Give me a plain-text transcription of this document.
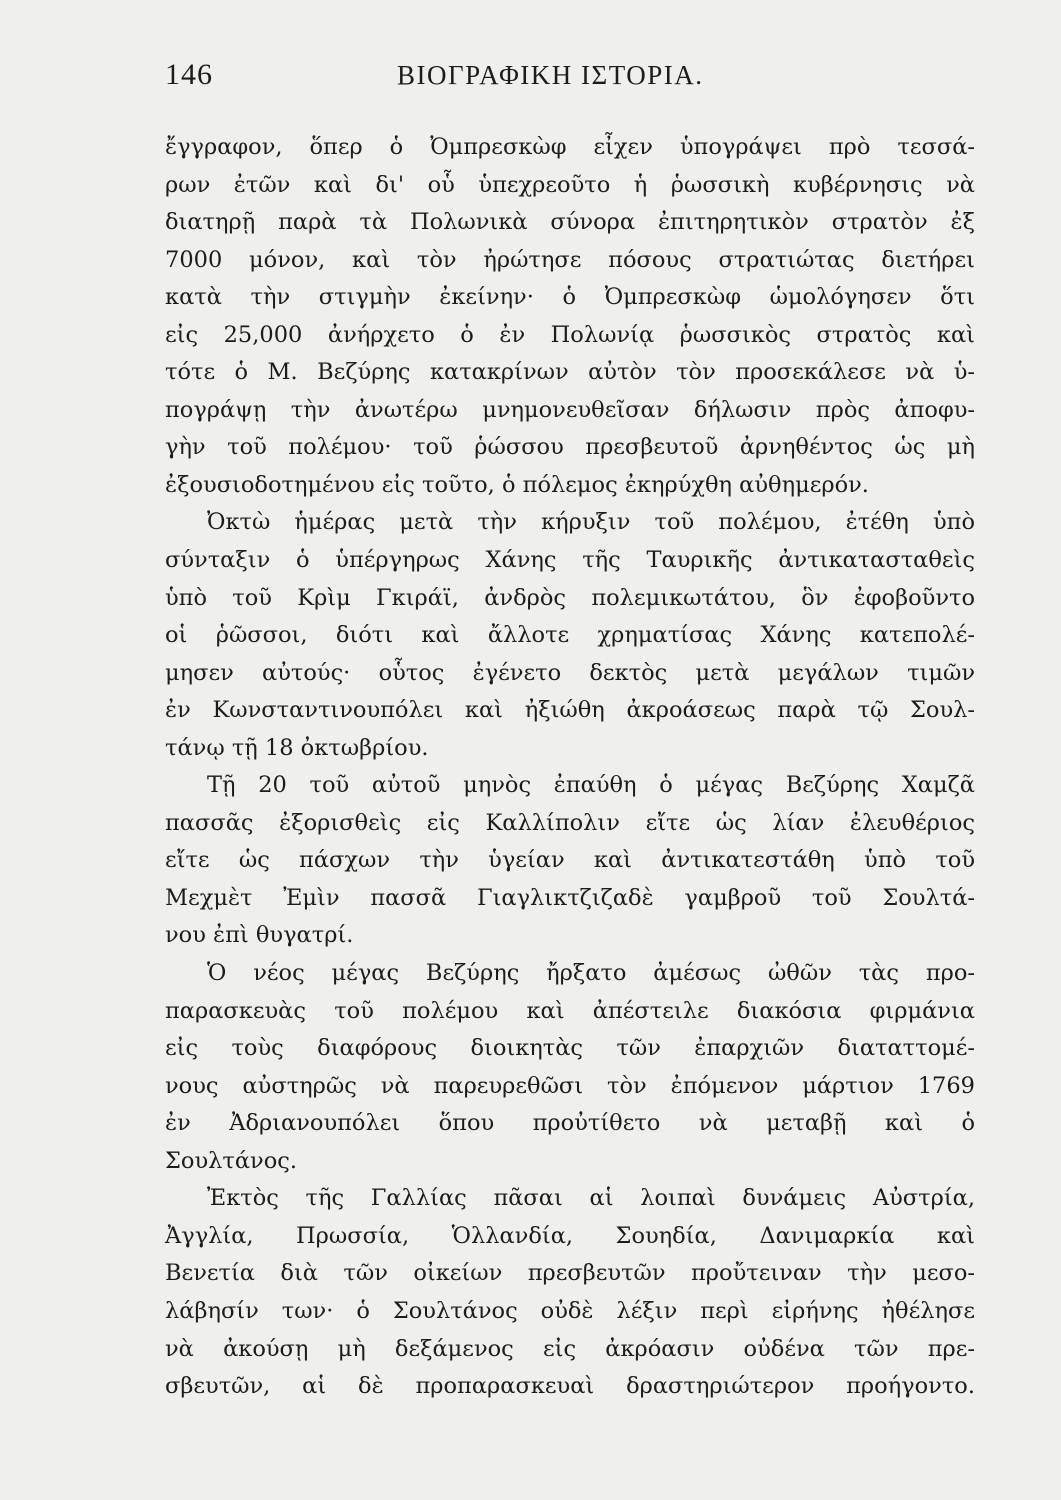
146	ΒΙΟΓΡΑΦΙΚΗ ΙΣΤΟΡΙΑ.
ἔγγραφον, ὅπερ ὁ Ὀμπρεσκὼφ εἶχεν ὑπογράψει πρὸ τεσσά-
ρων ἐτῶν καὶ δι' οὗ ὑπεχρεοῦτο ἡ ῥωσσικὴ κυβέρνησις νὰ
διατηρῇ παρὰ τὰ Πολωνικὰ σύνορα ἐπιτηρητικὸν στρατὸν ἐξ
7000 μόνον, καὶ τὸν ἠρώτησε πόσους στρατιώτας διετήρει
κατὰ τὴν στιγμὴν ἐκείνην· ὁ Ὀμπρεσκὼφ ὡμολόγησεν ὅτι
εἰς 25,000 ἀνήρχετο ὁ ἐν Πολωνίᾳ ῥωσσικὸς στρατὸς καὶ
τότε ὁ Μ. Βεζύρης κατακρίνων αὐτὸν τὸν προσεκάλεσε νὰ ὑ-
πογράψῃ τὴν ἀνωτέρω μνημονευθεῖσαν δήλωσιν πρὸς ἀποφυ-
γὴν τοῦ πολέμου· τοῦ ῥώσσου πρεσβευτοῦ ἀρνηθέντος ὡς μὴ
ἐξουσιοδοτημένου εἰς τοῦτο, ὁ πόλεμος ἐκηρύχθη αὐθημερόν.
Ὀκτὼ ἡμέρας μετὰ τὴν κήρυξιν τοῦ πολέμου, ἐτέθη ὑπὸ
σύνταξιν ὁ ὑπέργηρως Χάνης τῆς Ταυρικῆς ἀντικατασταθεὶς
ὑπὸ τοῦ Κρὶμ Γκιράϊ, ἀνδρὸς πολεμικωτάτου, ὃν ἐφοβοῦντο
οἱ ῥῶσσοι, διότι καὶ ἄλλοτε χρηματίσας Χάνης κατεπολέ-
μησεν αὐτούς· οὗτος ἐγένετο δεκτὸς μετὰ μεγάλων τιμῶν
ἐν Κωνσταντινουπόλει καὶ ἠξιώθη ἀκροάσεως παρὰ τῷ Σουλ-
τάνῳ τῇ 18 ὀκτωβρίου.
Τῇ 20 τοῦ αὐτοῦ μηνὸς ἐπαύθη ὁ μέγας Βεζύρης Χαμζᾶ
πασσᾶς ἐξορισθεὶς εἰς Καλλίπολιν εἴτε ὡς λίαν ἐλευθέριος
εἴτε ὡς πάσχων τὴν ὑγείαν καὶ ἀντικατεστάθη ὑπὸ τοῦ
Μεχμὲτ Ἐμὶν πασσᾶ Γιαγλικτζιζαδὲ γαμβροῦ τοῦ Σουλτά-
νου ἐπὶ θυγατρί.
Ὁ νέος μέγας Βεζύρης ἤρξατο ἀμέσως ὠθῶν τὰς προ-
παρασκευὰς τοῦ πολέμου καὶ ἀπέστειλε διακόσια φιρμάνια
εἰς τοὺς διαφόρους διοικητὰς τῶν ἐπαρχιῶν διαταττομέ-
νους αὐστηρῶς νὰ παρευρεθῶσι τὸν ἐπόμενον μάρτιον 1769
ἐν Ἀδριανουπόλει ὅπου προὐτίθετο νὰ μεταβῇ καὶ ὁ
Σουλτάνος.
Ἐκτὸς τῆς Γαλλίας πᾶσαι αἱ λοιπαὶ δυνάμεις Αὐστρία,
Ἀγγλία, Πρωσσία, Ὁλλανδία, Σουηδία, Δανιμαρκία καὶ
Βενετία διὰ τῶν οἰκείων πρεσβευτῶν προὔτειναν τὴν μεσο-
λάβησίν των· ὁ Σουλτάνος οὐδὲ λέξιν περὶ εἰρήνης ἠθέλησε
νὰ ἀκούσῃ μὴ δεξάμενος εἰς ἀκρόασιν οὐδένα τῶν πρε-
σβευτῶν, αἱ δὲ προπαρασκευαὶ δραστηριώτερον προήγοντο.
